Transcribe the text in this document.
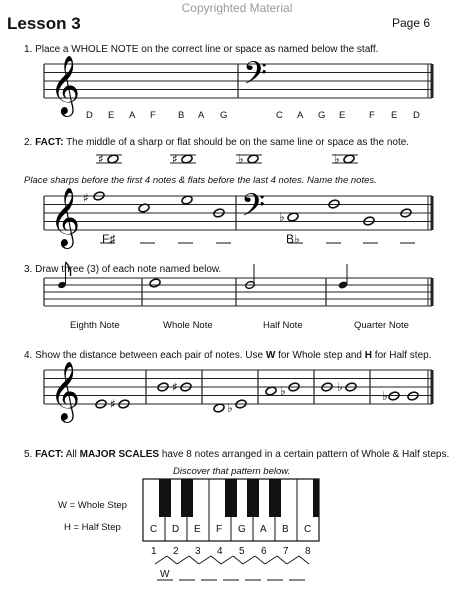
Copyrighted Material
Lesson 3	Page 6
1. Place a WHOLE NOTE on the correct line or space as named below the staff.
𝄞	𝄢
♯	♯	♭	♭
𝄞	𝄢
♯
♭
𝄞 ♯
♯
♭
♭	♭
♭
D E A F B A G	C A G E F E D
2. FACT: The middle of a sharp or flat should be on the same line or space as the note.
Place sharps before the first 4 notes & flats before the last 4 notes. Name the notes.
F♯	B♭
3. Draw three (3) of each note named below.
Eighth Note	Whole Note	Half Note	Quarter Note
4. Show the distance between each pair of notes. Use W for Whole step and H for Half step.
5. FACT: All MAJOR SCALES have 8 notes arranged in a certain pattern of Whole & Half steps.
Discover that pattern below.
W = Whole Step
H = Half Step	C D E F G A B C
1 2 3 4 5 6 7 8
W
